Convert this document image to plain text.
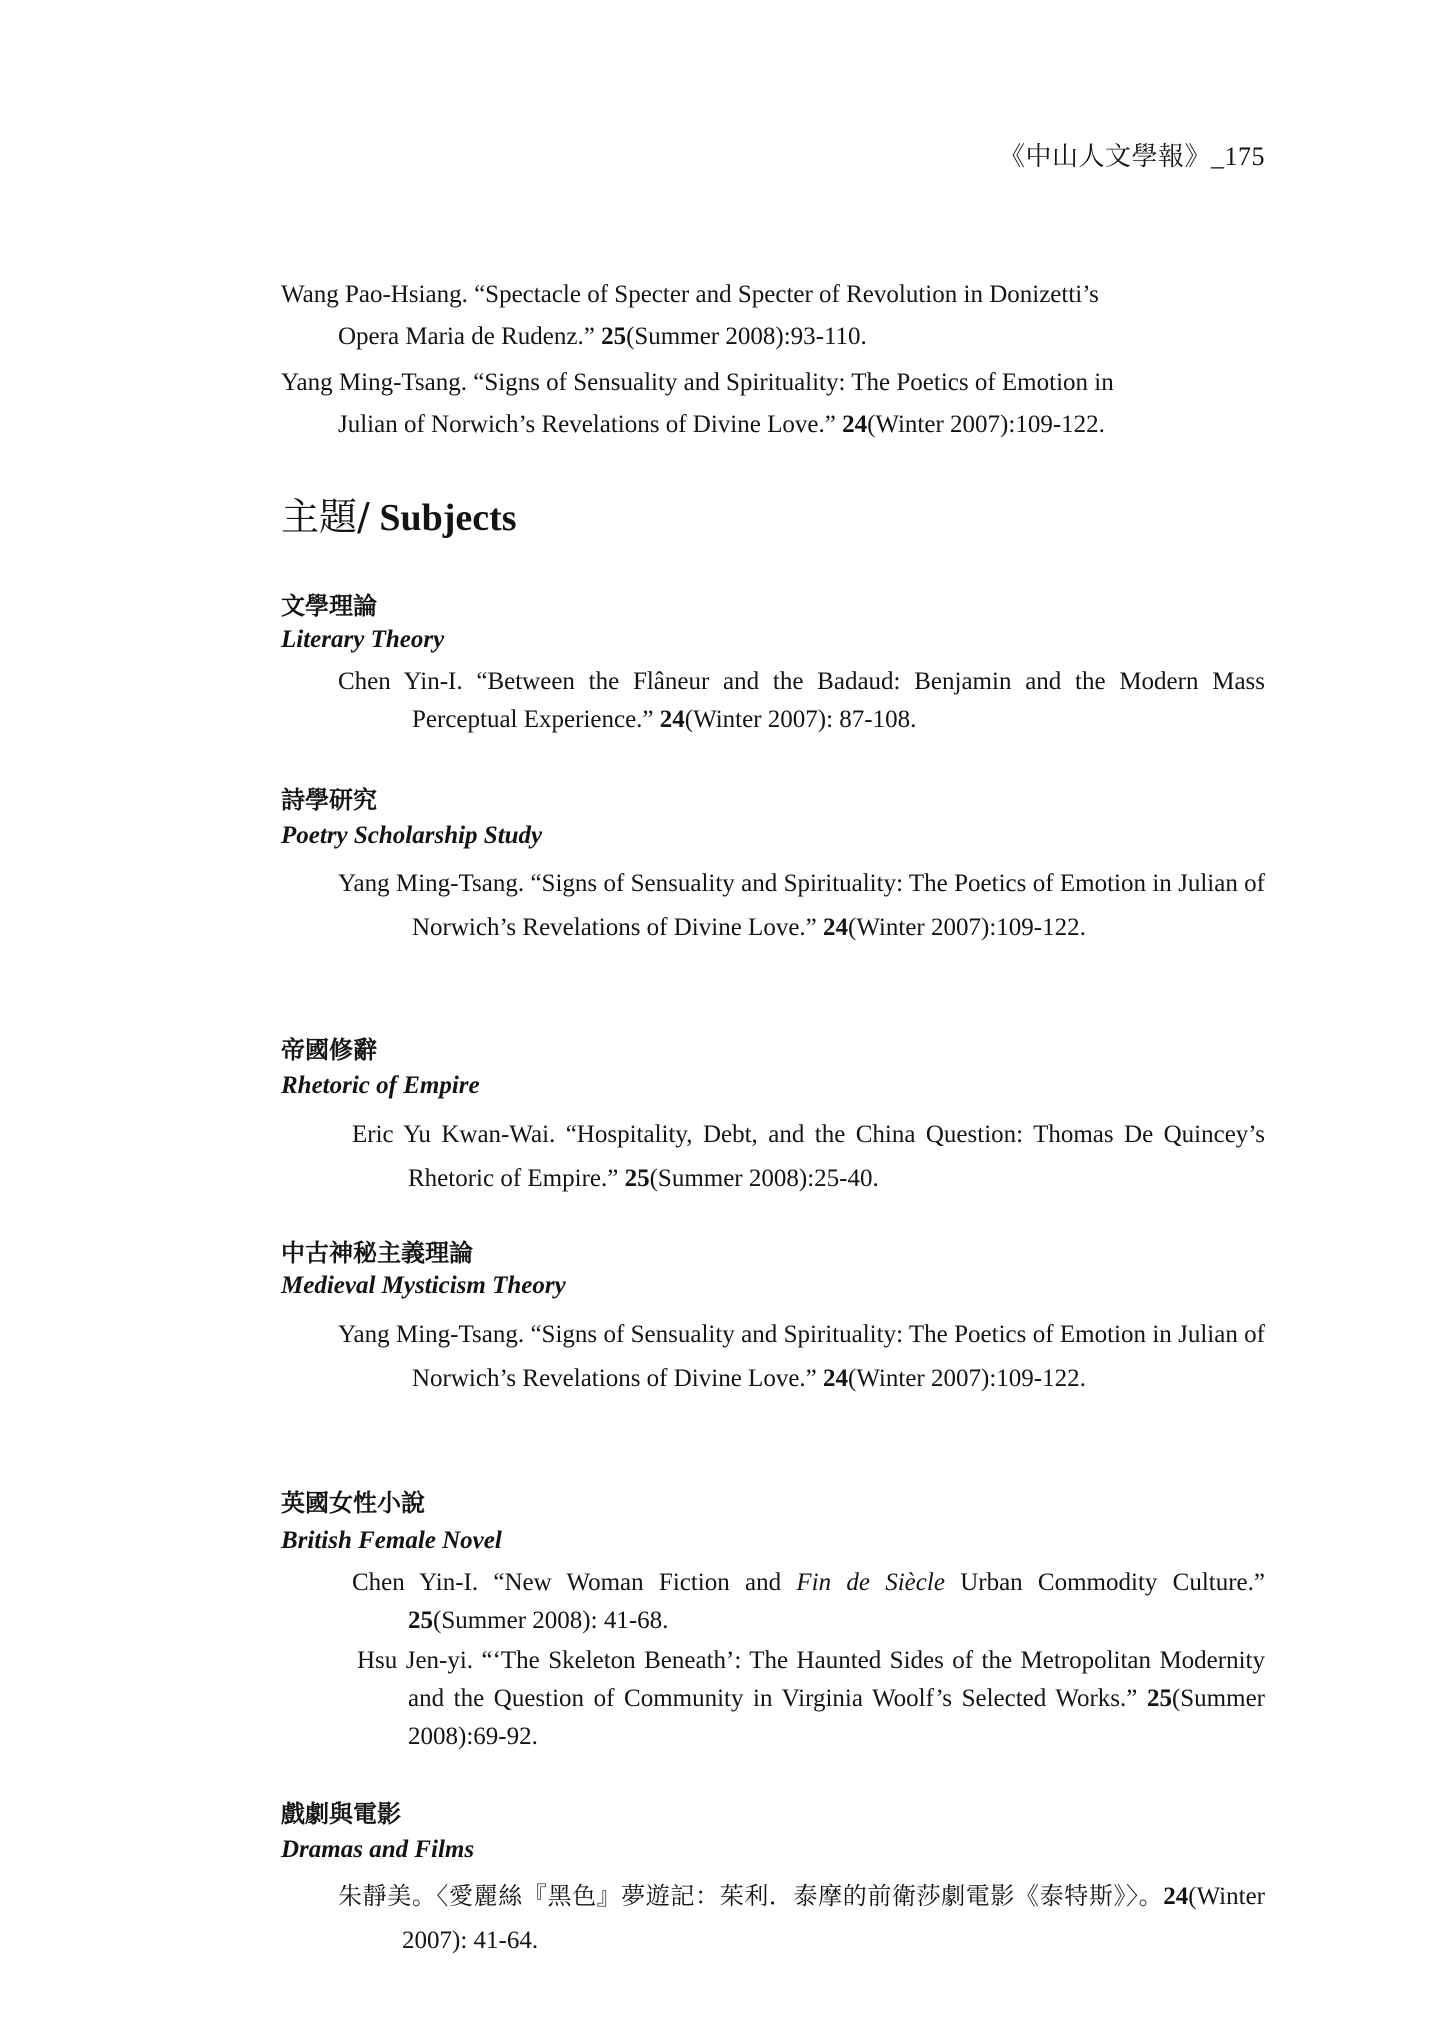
《中山人文學報》_175
Wang Pao-Hsiang. “Spectacle of Specter and Specter of Revolution in Donizetti’s
Opera Maria de Rudenz.” 25(Summer 2008):93-110.
Yang Ming-Tsang. “Signs of Sensuality and Spirituality: The Poetics of Emotion in
Julian of Norwich’s Revelations of Divine Love.” 24(Winter 2007):109-122.
主題/ Subjects
文學理論
Literary Theory
Chen Yin-I. “Between the Flâneur and the Badaud: Benjamin and the Modern Mass Perceptual Experience.” 24(Winter 2007): 87-108.
詩學研究
Poetry Scholarship Study
Yang Ming-Tsang. “Signs of Sensuality and Spirituality: The Poetics of Emotion in Julian of Norwich’s Revelations of Divine Love.” 24(Winter 2007):109-122.
帝國修辭
Rhetoric of Empire
Eric Yu Kwan-Wai. “Hospitality, Debt, and the China Question: Thomas De Quincey’s Rhetoric of Empire.” 25(Summer 2008):25-40.
中古神秘主義理論
Medieval Mysticism Theory
Yang Ming-Tsang. “Signs of Sensuality and Spirituality: The Poetics of Emotion in Julian of Norwich’s Revelations of Divine Love.” 24(Winter 2007):109-122.
英國女性小說
British Female Novel
Chen Yin-I. “New Woman Fiction and Fin de Siècle Urban Commodity Culture.” 25(Summer 2008): 41-68.
Hsu Jen-yi. “‘The Skeleton Beneath’: The Haunted Sides of the Metropolitan Modernity and the Question of Community in Virginia Woolf’s Selected Works.” 25(Summer 2008):69-92.
戲劇與電影
Dramas and Films
朱靜美。〈愛麗絲『黑色』夢遊記：茱利．泰摩的前衛莎劇電影《泰特斯》〉。24(Winter 2007): 41-64.
